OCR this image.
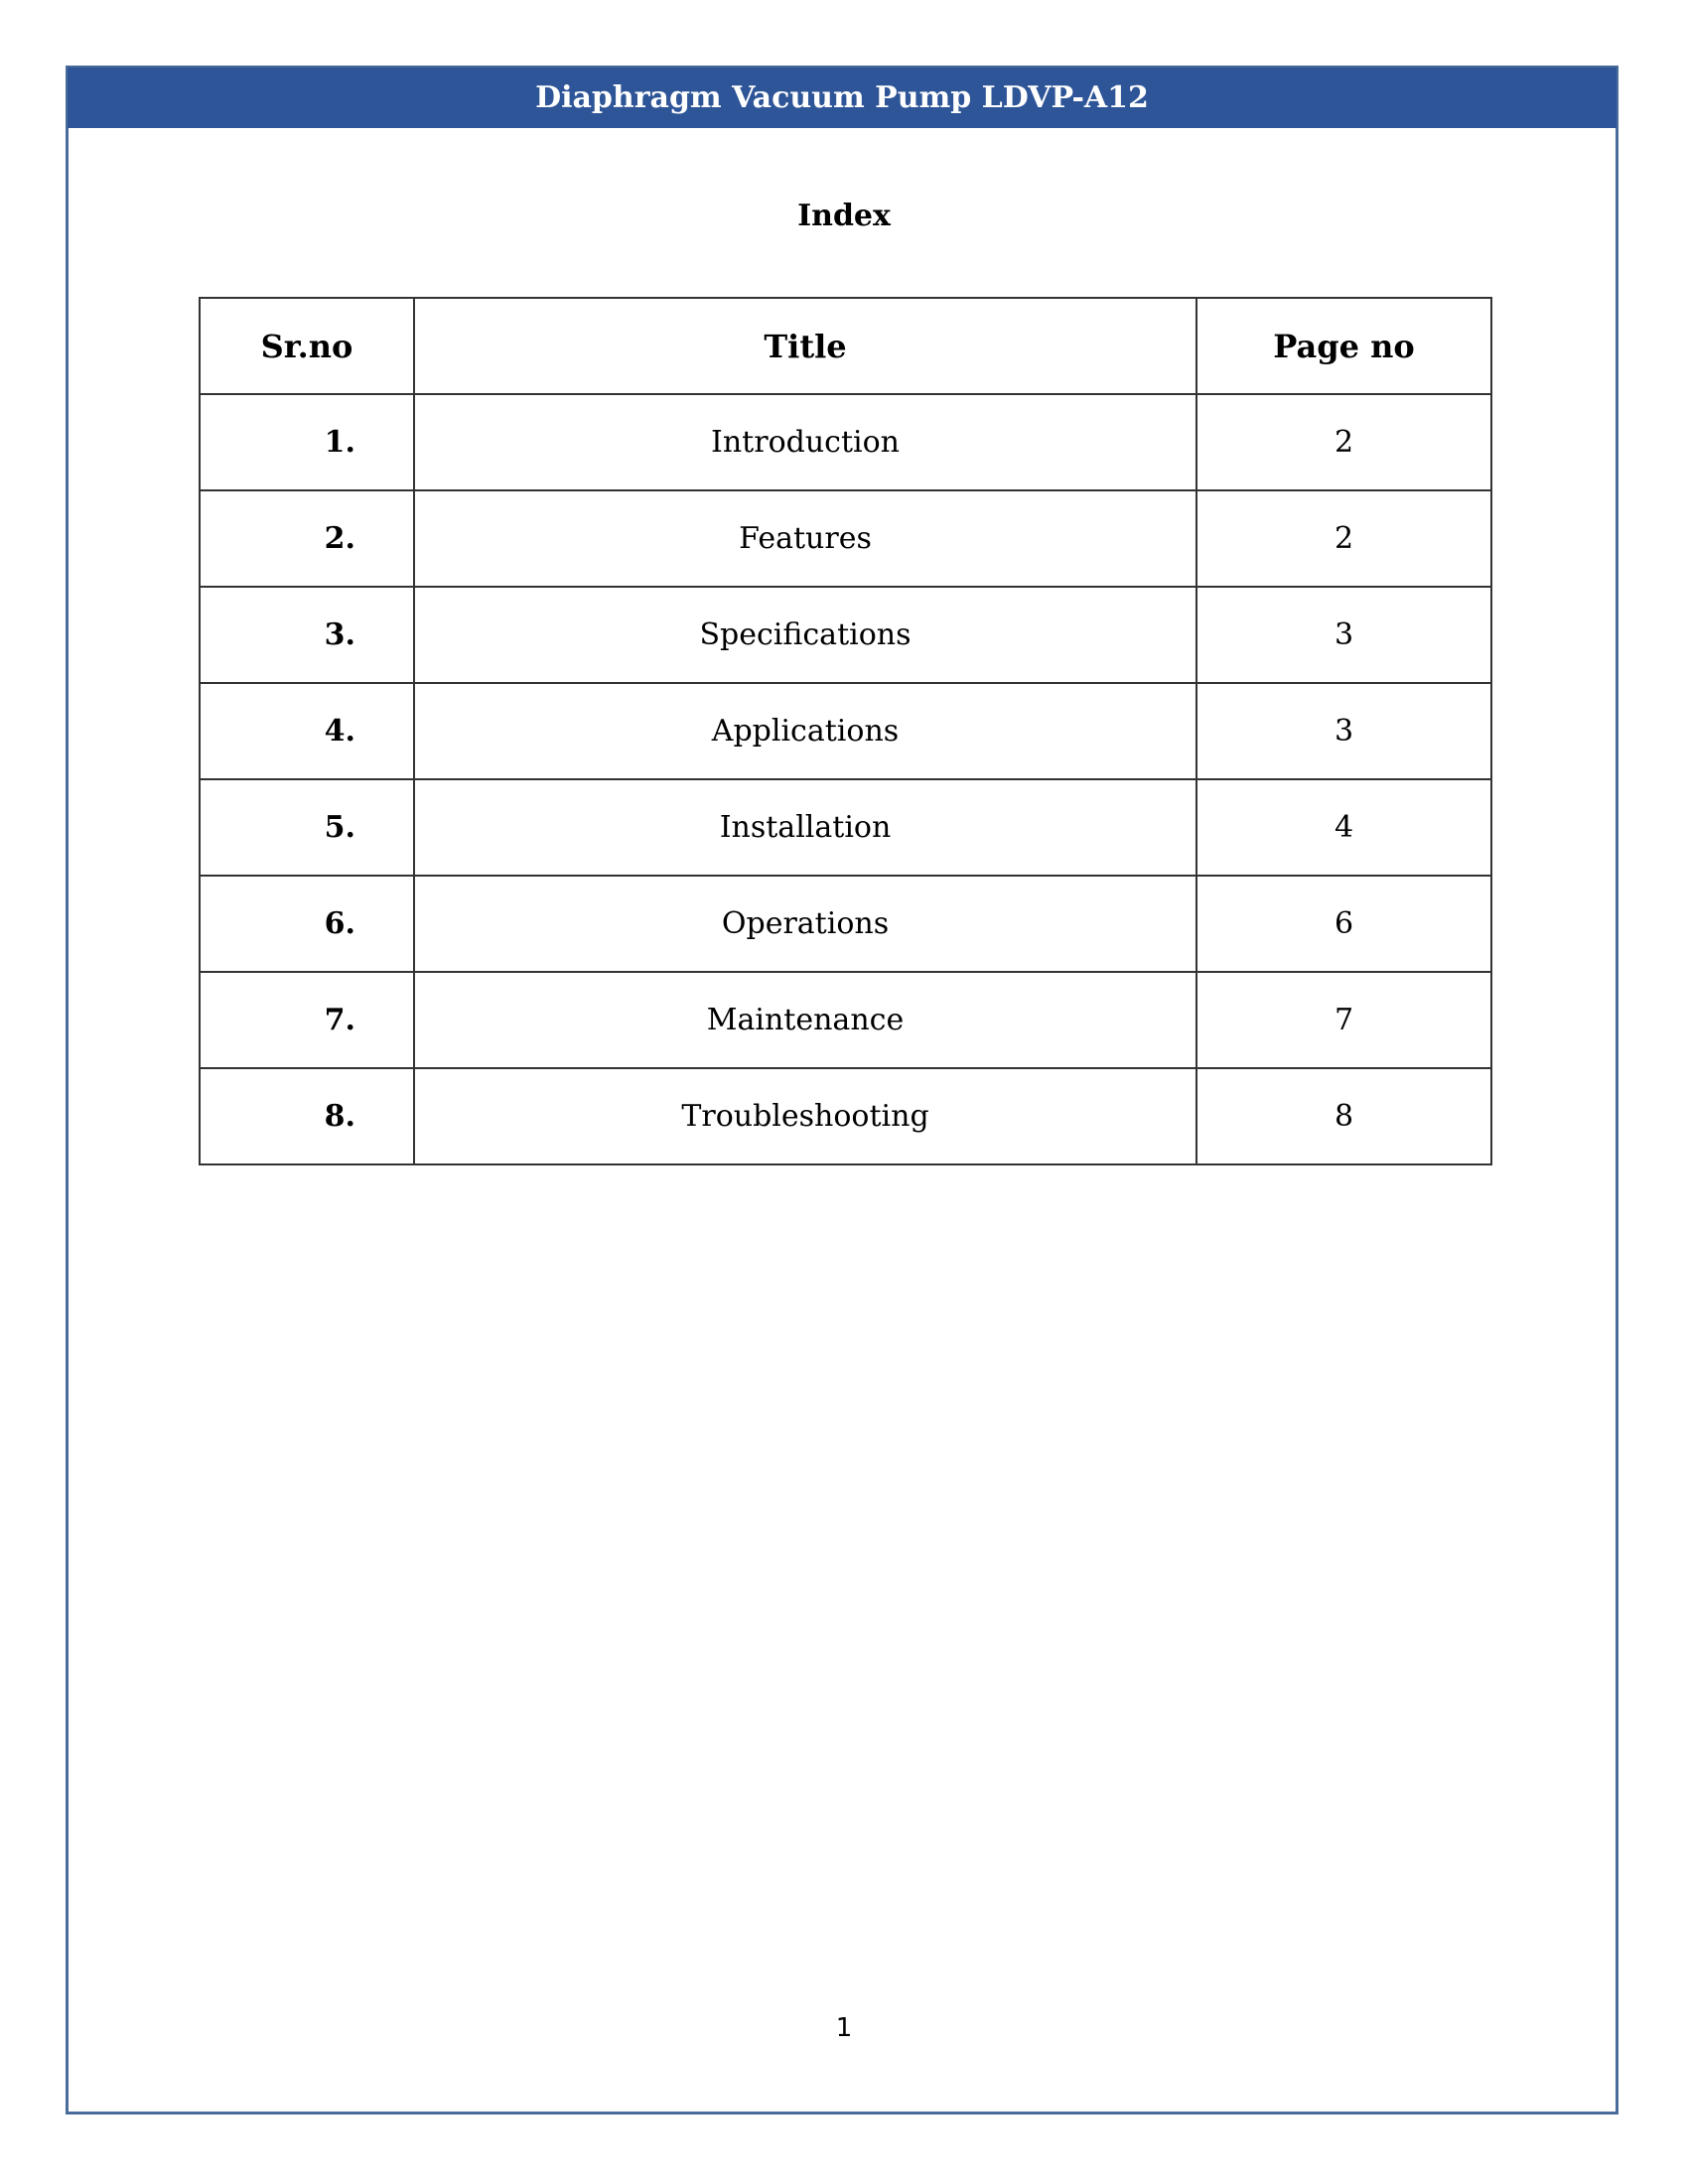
Diaphragm Vacuum Pump LDVP-A12
Index
Sr.no	Title	Page no
1.	Introduction	2
2.	Features	2
3.	Specifications	3
4.	Applications	3
5.	Installation	4
6.	Operations	6
7.	Maintenance	7
8.	Troubleshooting	8
1
